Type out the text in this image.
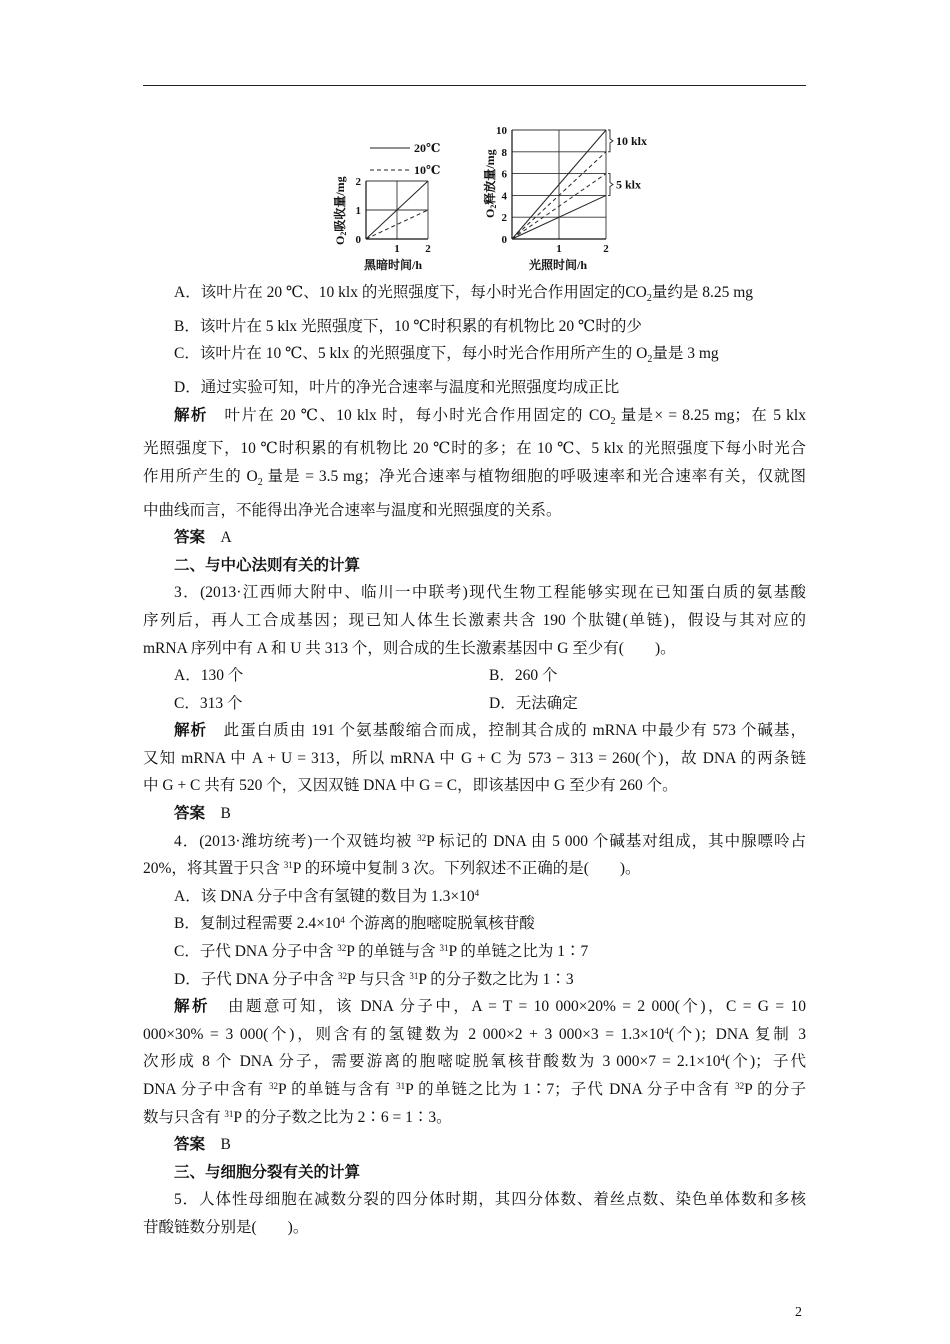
O2吸收量/mg
黑暗时间/h
0
1
2
1 2
20℃
10℃
O2释放量/mg
光照时间/h
0
2
4
6
8
10
1	2
10 klx
5 klx
A．该叶片在 20 ℃、10 klx 的光照强度下，每小时光合作用固定的$CO_2$量约是 8.25 mg
B．该叶片在 5 klx 光照强度下，10 ℃时积累的有机物比 20 ℃时的少
C．该叶片在 10 ℃、5 klx 的光照强度下，每小时光合作用所产生的 $O_2$量是 3 mg
D．通过实验可知，叶片的净光合速率与温度和光照强度均成正比
解析　叶片在 20 ℃、10 klx 时，每小时光合作用固定的 $CO_2$ 量是× = 8.25 mg；在 5 klx
光照强度下，10 ℃时积累的有机物比 20 ℃时的多；在 10 ℃、5 klx 的光照强度下每小时光合
作用所产生的 $O_2$ 量是 = 3.5 mg；净光合速率与植物细胞的呼吸速率和光合速率有关，仅就图
中曲线而言，不能得出净光合速率与温度和光照强度的关系。
答案　A
二、与中心法则有关的计算
3．(2013·江西师大附中、临川一中联考)现代生物工程能够实现在已知蛋白质的氨基酸
序列后，再人工合成基因；现已知人体生长激素共含 190 个肽键(单链)，假设与其对应的
mRNA 序列中有 A 和 U 共 313 个，则合成的生长激素基因中 G 至少有(　　)。
A．130 个	B．260 个
C．313 个	D．无法确定
解析　此蛋白质由 191 个氨基酸缩合而成，控制其合成的 mRNA 中最少有 573 个碱基，
又知 mRNA 中 A + U = 313，所以 mRNA 中 G + C 为 573 − 313 = 260(个)，故 DNA 的两条链
中 G + C 共有 520 个，又因双链 DNA 中 G = C，即该基因中 G 至少有 260 个。
答案　B
4．(2013·潍坊统考)一个双链均被 $^{32}$P 标记的 DNA 由 5 000 个碱基对组成，其中腺嘌呤占
20%，将其置于只含 $^{31}$P 的环境中复制 3 次。下列叙述不正确的是(　　)。
A．该 DNA 分子中含有氢键的数目为 $1.3\times 10^4$
B．复制过程需要 $2.4\times 10^4$ 个游离的胞嘧啶脱氧核苷酸
C．子代 DNA 分子中含 $^{32}$P 的单链与含 $^{31}$P 的单链之比为 1∶7
D．子代 DNA 分子中含 $^{32}$P 与只含 $^{31}$P 的分子数之比为 1∶3
解析　由题意可知，该 DNA 分子中，A = T = 10 000×20% = 2 000(个)，C = G = 10
000×30% = 3 000(个)，则含有的氢键数为 2 000×2 + 3 $000\times 3 = 1.3\times 10^4$(个)；DNA 复制 3
次形成 8 个 DNA 分子，需要游离的胞嘧啶脱氧核苷酸数为 3 $000\times 7 = 2.1\times 10^4$(个)；子代
DNA 分子中含有 $^{32}$P 的单链与含有 $^{31}$P 的单链之比为 1∶7；子代 DNA 分子中含有 $^{32}$P 的分子
数与只含有 $^{31}$P 的分子数之比为 2∶6 = 1∶3。
答案　B
三、与细胞分裂有关的计算
5．人体性母细胞在减数分裂的四分体时期，其四分体数、着丝点数、染色单体数和多核
苷酸链数分别是(　　)。
2
